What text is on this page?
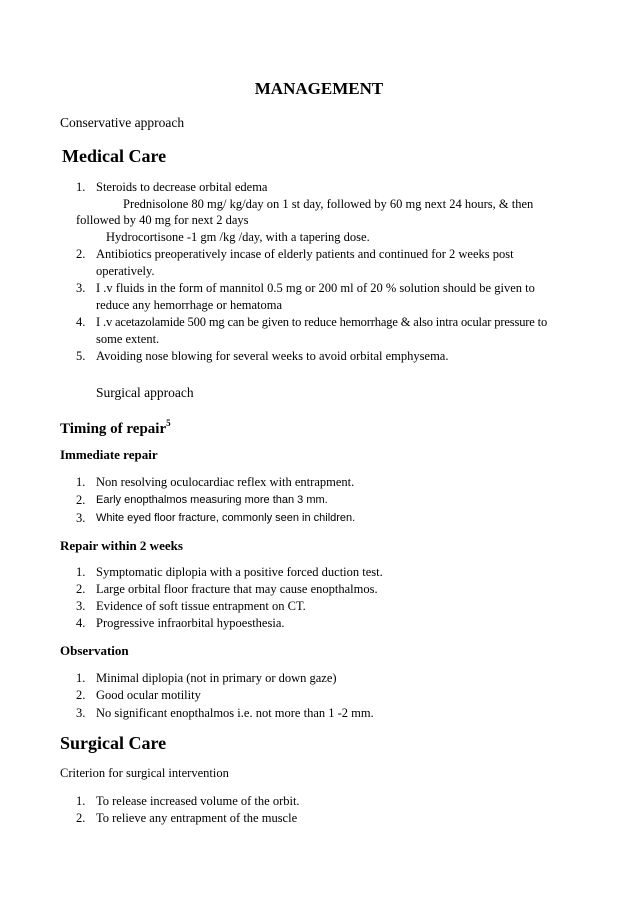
MANAGEMENT
Conservative approach
Medical Care
1. Steroids to decrease orbital edema
Prednisolone 80 mg/ kg/day on 1 st day, followed by 60 mg next 24 hours, & then
followed by 40 mg for next 2 days
Hydrocortisone -1 gm /kg /day, with a tapering dose.
2. Antibiotics preoperatively incase of elderly patients and continued for 2 weeks post
operatively.
3. I .v fluids in the form of mannitol 0.5 mg or 200 ml of 20 % solution should be given to
reduce any hemorrhage or hematoma
4. I .v acetazolamide 500 mg can be given to reduce hemorrhage & also intra ocular pressure to
some extent.
5. Avoiding nose blowing for several weeks to avoid orbital emphysema.
Surgical approach
Timing of repair$^5$
Immediate repair
1. Non resolving oculocardiac reflex with entrapment.
2. Early enopthalmos measuring more than 3 mm.
3. White eyed floor fracture, commonly seen in children.
Repair within 2 weeks
1. Symptomatic diplopia with a positive forced duction test.
2. Large orbital floor fracture that may cause enopthalmos.
3. Evidence of soft tissue entrapment on CT.
4. Progressive infraorbital hypoesthesia.
Observation
1. Minimal diplopia (not in primary or down gaze)
2. Good ocular motility
3. No significant enopthalmos i.e. not more than 1 -2 mm.
Surgical Care
Criterion for surgical intervention
1. To release increased volume of the orbit.
2. To relieve any entrapment of the muscle
